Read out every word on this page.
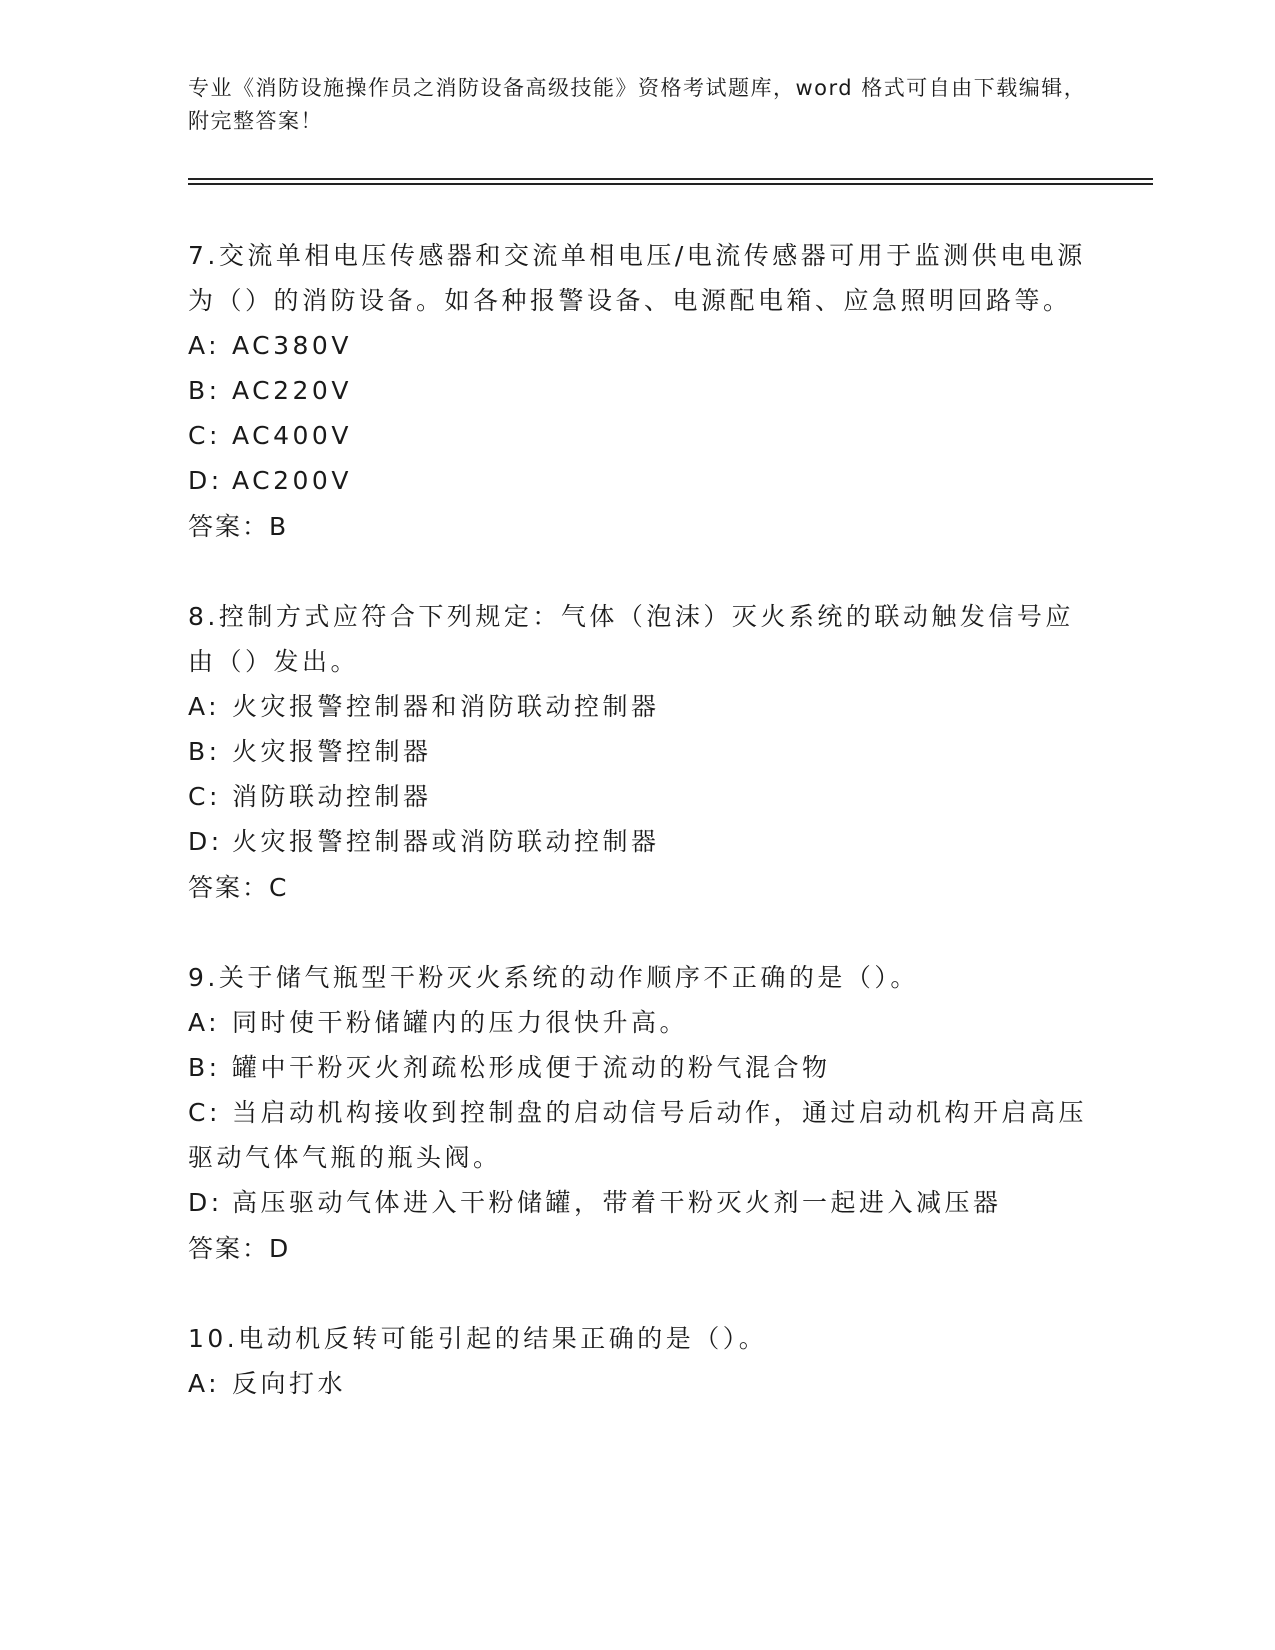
专业《消防设施操作员之消防设备高级技能》资格考试题库，word 格式可自由下载编辑，附完整答案！
7.交流单相电压传感器和交流单相电压/电流传感器可用于监测供电电源为（）的消防设备。如各种报警设备、电源配电箱、应急照明回路等。
A: AC380V
B: AC220V
C: AC400V
D: AC200V
答案：B
8.控制方式应符合下列规定：气体（泡沫）灭火系统的联动触发信号应由（）发出。
A: 火灾报警控制器和消防联动控制器
B: 火灾报警控制器
C: 消防联动控制器
D: 火灾报警控制器或消防联动控制器
答案：C
9.关于储气瓶型干粉灭火系统的动作顺序不正确的是（）。
A: 同时使干粉储罐内的压力很快升高。
B: 罐中干粉灭火剂疏松形成便于流动的粉气混合物
C: 当启动机构接收到控制盘的启动信号后动作，通过启动机构开启高压驱动气体气瓶的瓶头阀。
D: 高压驱动气体进入干粉储罐，带着干粉灭火剂一起进入减压器
答案：D
10.电动机反转可能引起的结果正确的是（）。
A: 反向打水
